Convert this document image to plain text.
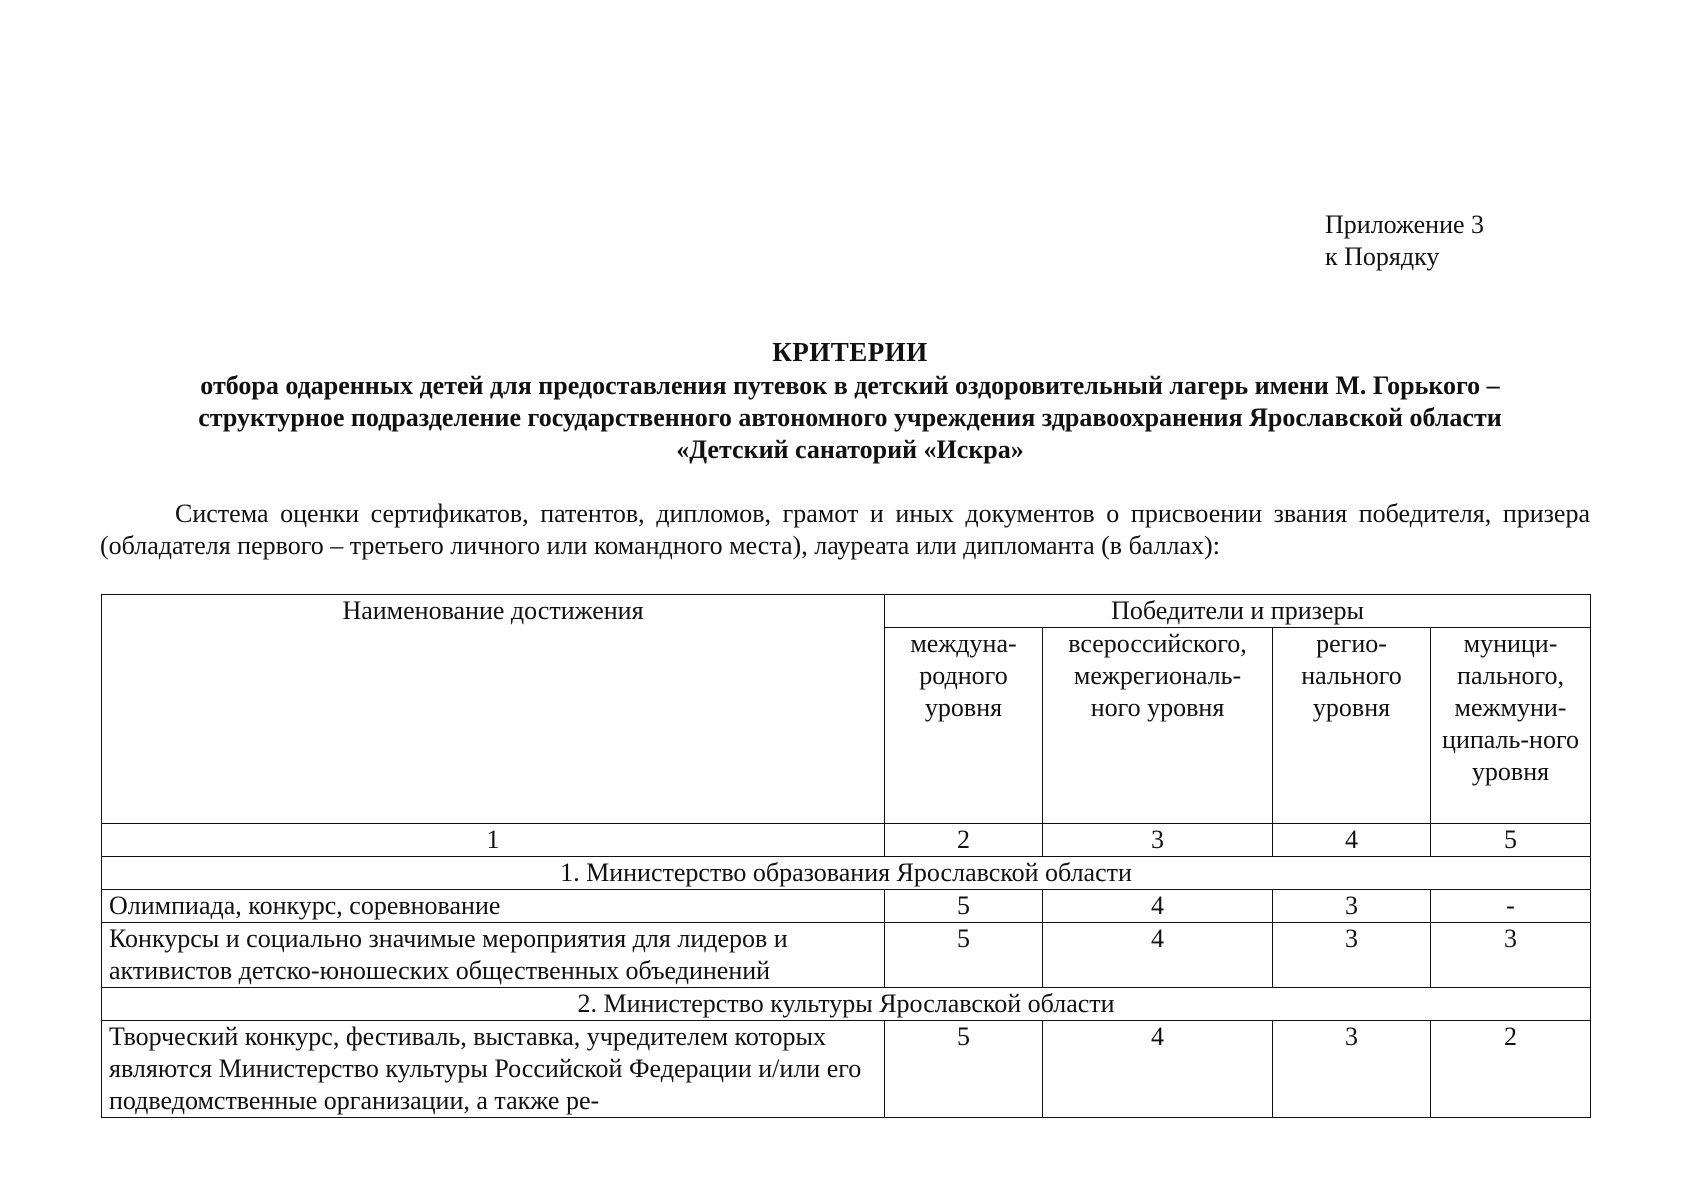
Приложение 3
к Порядку
КРИТЕРИИ
отбора одаренных детей для предоставления путевок в детский оздоровительный лагерь имени М. Горького –
структурное подразделение государственного автономного учреждения здравоохранения Ярославской области
«Детский санаторий «Искра»

Система оценки сертификатов, патентов, дипломов, грамот и иных документов о присвоении звания победителя, призера (обладателя первого – третьего личного или командного места), лауреата или дипломанта (в баллах):

Наименование достижения	Победители и призеры			
	междуна-родного уровня	всероссийского, межрегиональ-ного уровня	регио-нального уровня	муници-пального, межмуни-ципаль-ного уровня
1	2	3	4	5
1. Министерство образования Ярославской области				
Олимпиада, конкурс, соревнование	5	4	3	-
Конкурсы и социально значимые мероприятия для лидеров и активистов детско-юношеских общественных объединений	5	4	3	3
2. Министерство культуры Ярославской области				
Творческий конкурс, фестиваль, выставка, учредителем которых являются Министерство культуры Российской Федерации и/или его подведомственные организации, а также ре-	5	4	3	2
